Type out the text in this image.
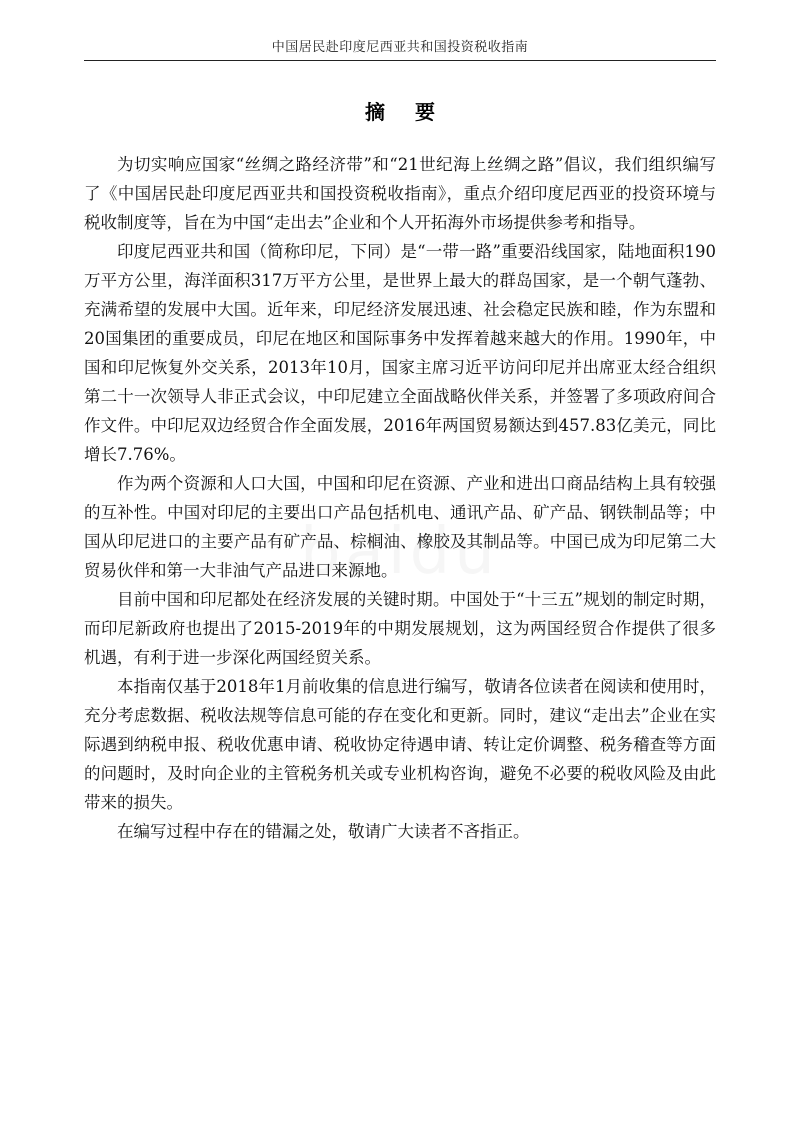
中国居民赴印度尼西亚共和国投资税收指南
摘要

为切实响应国家“丝绸之路经济带”和“21世纪海上丝绸之路”倡议，我们组织编写了《中国居民赴印度尼西亚共和国投资税收指南》，重点介绍印度尼西亚的投资环境与税收制度等，旨在为中国“走出去”企业和个人开拓海外市场提供参考和指导。

印度尼西亚共和国（简称印尼，下同）是“一带一路”重要沿线国家，陆地面积190万平方公里，海洋面积317万平方公里，是世界上最大的群岛国家，是一个朝气蓬勃、充满希望的发展中大国。近年来，印尼经济发展迅速、社会稳定民族和睦，作为东盟和20国集团的重要成员，印尼在地区和国际事务中发挥着越来越大的作用。1990年，中国和印尼恢复外交关系，2013年10月，国家主席习近平访问印尼并出席亚太经合组织第二十一次领导人非正式会议，中印尼建立全面战略伙伴关系，并签署了多项政府间合作文件。中印尼双边经贸合作全面发展，2016年两国贸易额达到457.83亿美元，同比增长7.76%。

作为两个资源和人口大国，中国和印尼在资源、产业和进出口商品结构上具有较强的互补性。中国对印尼的主要出口产品包括机电、通讯产品、矿产品、钢铁制品等；中国从印尼进口的主要产品有矿产品、棕榈油、橡胶及其制品等。中国已成为印尼第二大贸易伙伴和第一大非油气产品进口来源地。

目前中国和印尼都处在经济发展的关键时期。中国处于“十三五”规划的制定时期，而印尼新政府也提出了2015-2019年的中期发展规划，这为两国经贸合作提供了很多机遇，有利于进一步深化两国经贸关系。

本指南仅基于2018年1月前收集的信息进行编写，敬请各位读者在阅读和使用时，充分考虑数据、税收法规等信息可能的存在变化和更新。同时，建议“走出去”企业在实际遇到纳税申报、税收优惠申请、税收协定待遇申请、转让定价调整、税务稽查等方面的问题时，及时向企业的主管税务机关或专业机构咨询，避免不必要的税收风险及由此带来的损失。

在编写过程中存在的错漏之处，敬请广大读者不吝指正。
